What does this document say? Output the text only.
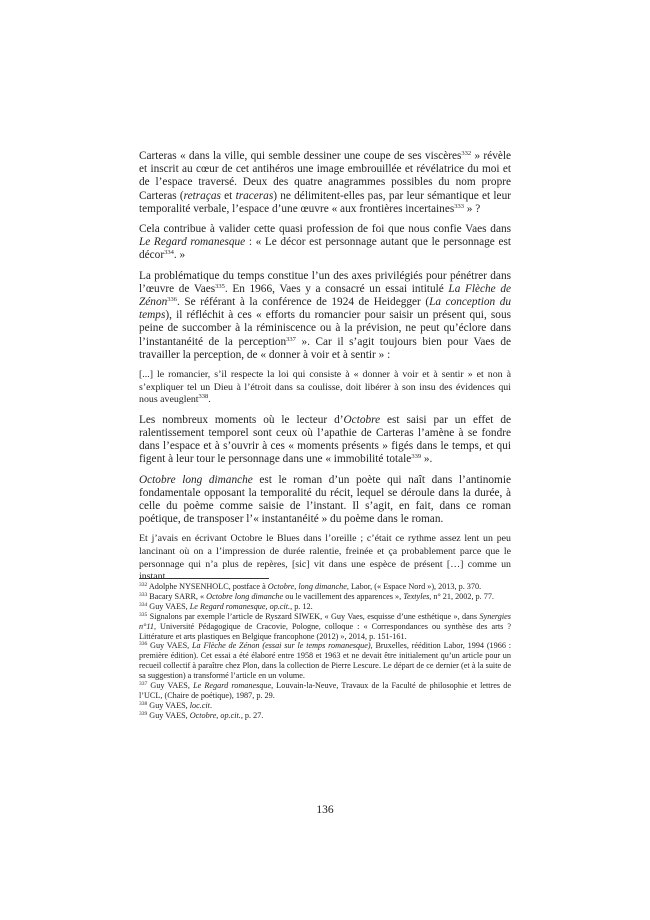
Carteras « dans la ville, qui semble dessiner une coupe de ses viscères$^{332}$ » révèle et inscrit au cœur de cet antihéros une image embrouillée et révélatrice du moi et de l’espace traversé. Deux des quatre anagrammes possibles du nom propre Carteras (retraças et traceras) ne délimitent-elles pas, par leur sémantique et leur temporalité verbale, l’espace d’une œuvre « aux frontières incertaines$^{333}$ » ?

Cela contribue à valider cette quasi profession de foi que nous confie Vaes dans Le Regard romanesque : « Le décor est personnage autant que le personnage est décor$^{334}$. »

La problématique du temps constitue l’un des axes privilégiés pour pénétrer dans l’œuvre de Vaes$^{335}$. En 1966, Vaes y a consacré un essai intitulé La Flèche de Zénon$^{336}$. Se référant à la conférence de 1924 de Heidegger (La conception du temps), il réfléchit à ces « efforts du romancier pour saisir un présent qui, sous peine de succomber à la réminiscence ou à la prévision, ne peut qu’éclore dans l’instantanéité de la perception$^{337}$ ». Car il s’agit toujours bien pour Vaes de travailler la perception, de « donner à voir et à sentir » :

[...] le romancier, s’il respecte la loi qui consiste à « donner à voir et à sentir » et non à s’expliquer tel un Dieu à l’étroit dans sa coulisse, doit libérer à son insu des évidences qui nous aveuglent$^{338}$.

Les nombreux moments où le lecteur d’Octobre est saisi par un effet de ralentissement temporel sont ceux où l’apathie de Carteras l’amène à se fondre dans l’espace et à s’ouvrir à ces « moments présents » figés dans le temps, et qui figent à leur tour le personnage dans une « immobilité totale$^{339}$ ».

Octobre long dimanche est le roman d’un poète qui naît dans l’antinomie fondamentale opposant la temporalité du récit, lequel se déroule dans la durée, à celle du poème comme saisie de l’instant. Il s’agit, en fait, dans ce roman poétique, de transposer l’« instantanéité » du poème dans le roman.

Et j’avais en écrivant Octobre le Blues dans l’oreille ; c’était ce rythme assez lent un peu lancinant où on a l’impression de durée ralentie, freinée et ça probablement parce que le personnage qui n’a plus de repères, [sic] vit dans une espèce de présent […] comme un instant

$^{332}$ Adolphe NYSENHOLC, postface à Octobre, long dimanche, Labor, (« Espace Nord »), 2013, p. 370.

$^{333}$ Bacary SARR, « Octobre long dimanche ou le vacillement des apparences », Textyles, n° 21, 2002, p. 77.

$^{334}$ Guy VAES, Le Regard romanesque, op.cit., p. 12.

$^{335}$ Signalons par exemple l’article de Ryszard SIWEK, « Guy Vaes, esquisse d’une esthétique », dans Synergies n°11, Université Pédagogique de Cracovie, Pologne, colloque : « Correspondances ou synthèse des arts ? Littérature et arts plastiques en Belgique francophone (2012) », 2014, p. 151-161.

$^{336}$ Guy VAES, La Flèche de Zénon (essai sur le temps romanesque), Bruxelles, réédition Labor, 1994 (1966 : première édition). Cet essai a été élaboré entre 1958 et 1963 et ne devait être initialement qu’un article pour un recueil collectif à paraître chez Plon, dans la collection de Pierre Lescure. Le départ de ce dernier (et à la suite de sa suggestion) a transformé l’article en un volume.

$^{337}$ Guy VAES, Le Regard romanesque, Louvain-la-Neuve, Travaux de la Faculté de philosophie et lettres de l’UCL, (Chaire de poétique), 1987, p. 29.

$^{338}$ Guy VAES, loc.cit.

$^{339}$ Guy VAES, Octobre, op.cit., p. 27.

136
